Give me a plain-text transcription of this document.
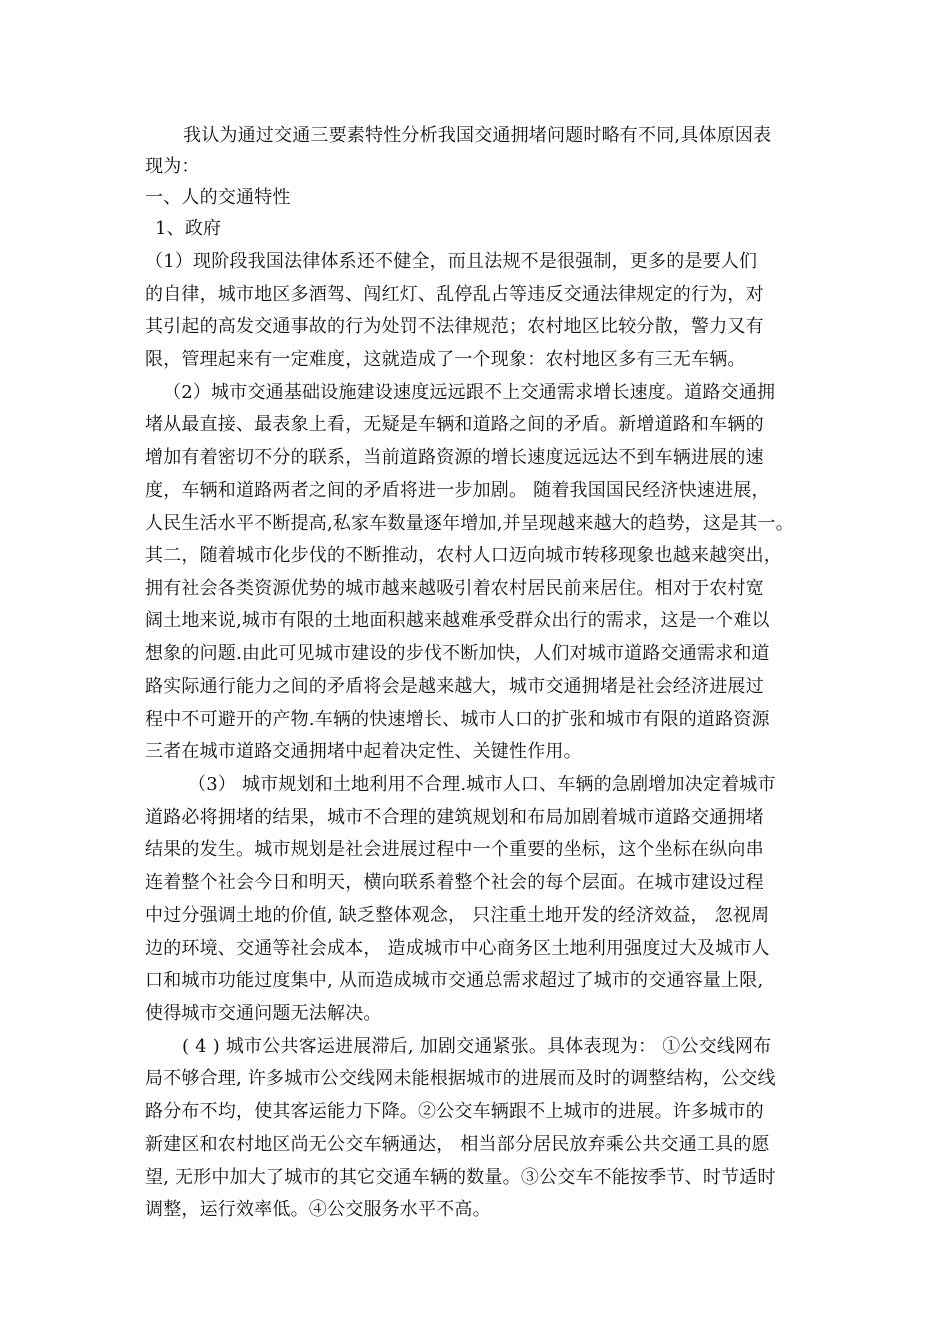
我认为通过交通三要素特性分析我国交通拥堵问题时略有不同,具体原因表
现为：
一、人的交通特性
1、政府
（1）现阶段我国法律体系还不健全，而且法规不是很强制，更多的是要人们
的自律，城市地区多酒驾、闯红灯、乱停乱占等违反交通法律规定的行为，对
其引起的高发交通事故的行为处罚不法律规范；农村地区比较分散，警力又有
限，管理起来有一定难度，这就造成了一个现象：农村地区多有三无车辆。
（2）城市交通基础设施建设速度远远跟不上交通需求增长速度。道路交通拥
堵从最直接、最表象上看，无疑是车辆和道路之间的矛盾。新增道路和车辆的
增加有着密切不分的联系，当前道路资源的增长速度远远达不到车辆进展的速
度，车辆和道路两者之间的矛盾将进一步加剧。 随着我国国民经济快速进展，
人民生活水平不断提高,私家车数量逐年增加,并呈现越来越大的趋势，这是其一。
其二，随着城市化步伐的不断推动，农村人口迈向城市转移现象也越来越突出，
拥有社会各类资源优势的城市越来越吸引着农村居民前来居住。相对于农村宽
阔土地来说,城市有限的土地面积越来越难承受群众出行的需求，这是一个难以
想象的问题.由此可见城市建设的步伐不断加快，人们对城市道路交通需求和道
路实际通行能力之间的矛盾将会是越来越大，城市交通拥堵是社会经济进展过
程中不可避开的产物.车辆的快速增长、城市人口的扩张和城市有限的道路资源
三者在城市道路交通拥堵中起着决定性、关键性作用。
（3） 城市规划和土地利用不合理.城市人口、车辆的急剧增加决定着城市
道路必将拥堵的结果，城市不合理的建筑规划和布局加剧着城市道路交通拥堵
结果的发生。城市规划是社会进展过程中一个重要的坐标，这个坐标在纵向串
连着整个社会今日和明天，横向联系着整个社会的每个层面。在城市建设过程
中过分强调土地的价值, 缺乏整体观念， 只注重土地开发的经济效益， 忽视周
边的环境、交通等社会成本， 造成城市中心商务区土地利用强度过大及城市人
口和城市功能过度集中, 从而造成城市交通总需求超过了城市的交通容量上限,
使得城市交通问题无法解决。
( 4 ) 城市公共客运进展滞后, 加剧交通紧张。具体表现为： ①公交线网布
局不够合理, 许多城市公交线网未能根据城市的进展而及时的调整结构，公交线
路分布不均，使其客运能力下降。②公交车辆跟不上城市的进展。许多城市的
新建区和农村地区尚无公交车辆通达， 相当部分居民放弃乘公共交通工具的愿
望, 无形中加大了城市的其它交通车辆的数量。③公交车不能按季节、时节适时
调整，运行效率低。④公交服务水平不高。
